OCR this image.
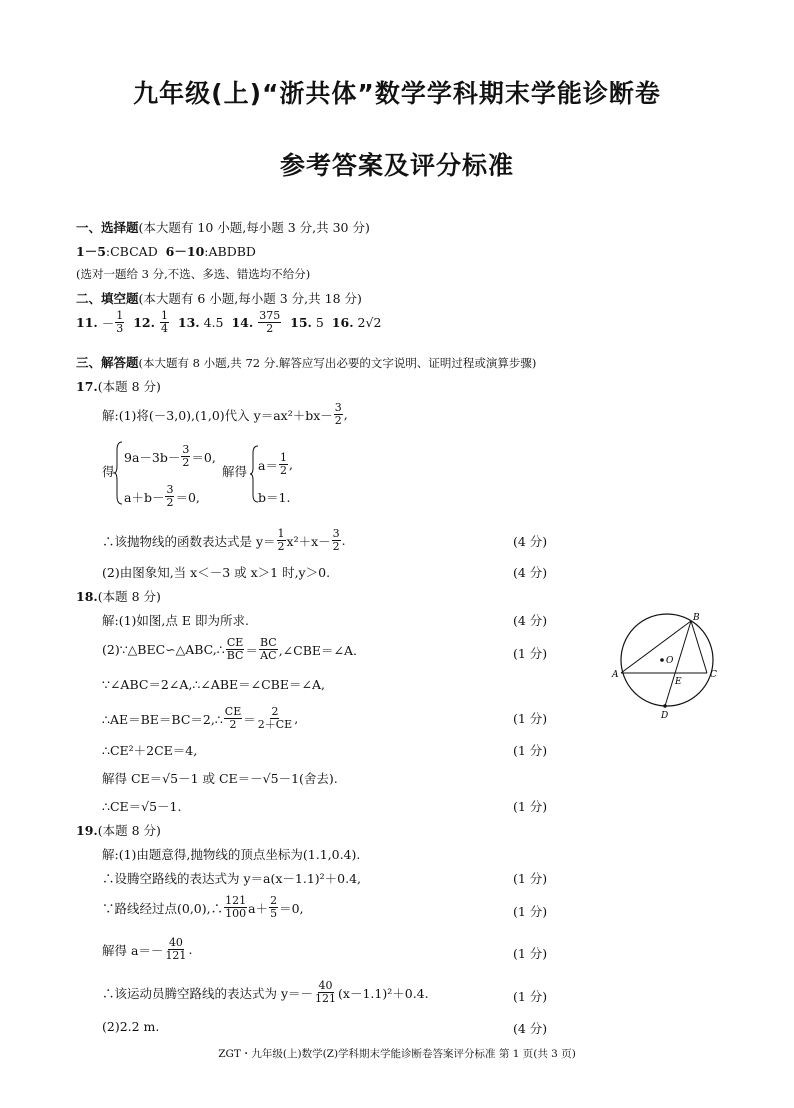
九年级(上)“浙共体”数学学科期末学能诊断卷
参考答案及评分标准
一、选择题(本大题有 10 小题,每小题 3 分,共 30 分)
1－5:CBCAD 6－10:ABDBD
(选对一题给 3 分,不选、多选、错选均不给分)
二、填空题(本大题有 6 小题,每小题 3 分,共 18 分)
11.
－ $\frac{1}{3}$
12.
$\frac{1}{4}$
13.
4.5
14.
$\frac{375}{2}$
15.
5
16.
2√2
三、解答题(本大题有 8 小题,共 72 分.解答应写出必要的文字说明、证明过程或演算步骤)
17.(本题 8 分)
解:(1)将(－3,0),(1,0)代入 $y=ax^2+bx- \frac{3}{2}$ ,
得
$9a-3b- \frac{3}{2} =0$,
$a+b- \frac{3}{2} =0$,
解得 $a= \frac{1}{2}$ ,
b＝1.
∴该抛物线的函数表达式是 $y= \frac{1}{2} x^2+x- \frac{3}{2}$ .	(4 分)
(2)由图象知,当 x＜－3 或 x＞1 时,y＞0.	(4 分)
18.(本题 8 分)
解:(1)如图,点 E 即为所求.	(4 分)
(2)∵△BEC∽△ABC,∴ $\frac{CE}{BC} = \frac{BC}{AC}$ ,∠CBE＝∠A.	(1 分)
∵∠ABC＝2∠A,∴∠ABE＝∠CBE＝∠A,
∴AE＝BE＝BC＝2,∴ $\frac{CE}{2} = \frac{2}{2+CE}$ ,	(1 分)
∴CE²＋2CE＝4,	(1 分)
解得 CE＝√5－1 或 CE＝－√5－1(舍去).
∴CE＝√5－1.	(1 分)
B
A	C
O
E
D
19.(本题 8 分)
解:(1)由题意得,抛物线的顶点坐标为(1.1,0.4).
∴设腾空路线的表达式为 y＝a(x－1.1)²＋0.4,	(1 分)
∵路线经过点(0,0),∴ $\frac{121}{100} a+ \frac{2}{5} =0$,	(1 分)
解得 $a=- \frac{40}{121}$ .	(1 分)
∴该运动员腾空路线的表达式为 $y=- \frac{40}{121} (x-1.1)^2+0.4$.	(1 分)
(2)2.2 m.	(4 分)
ZGT・九年级(上)数学(Z)学科期末学能诊断卷答案评分标准 第 1 页(共 3 页)
